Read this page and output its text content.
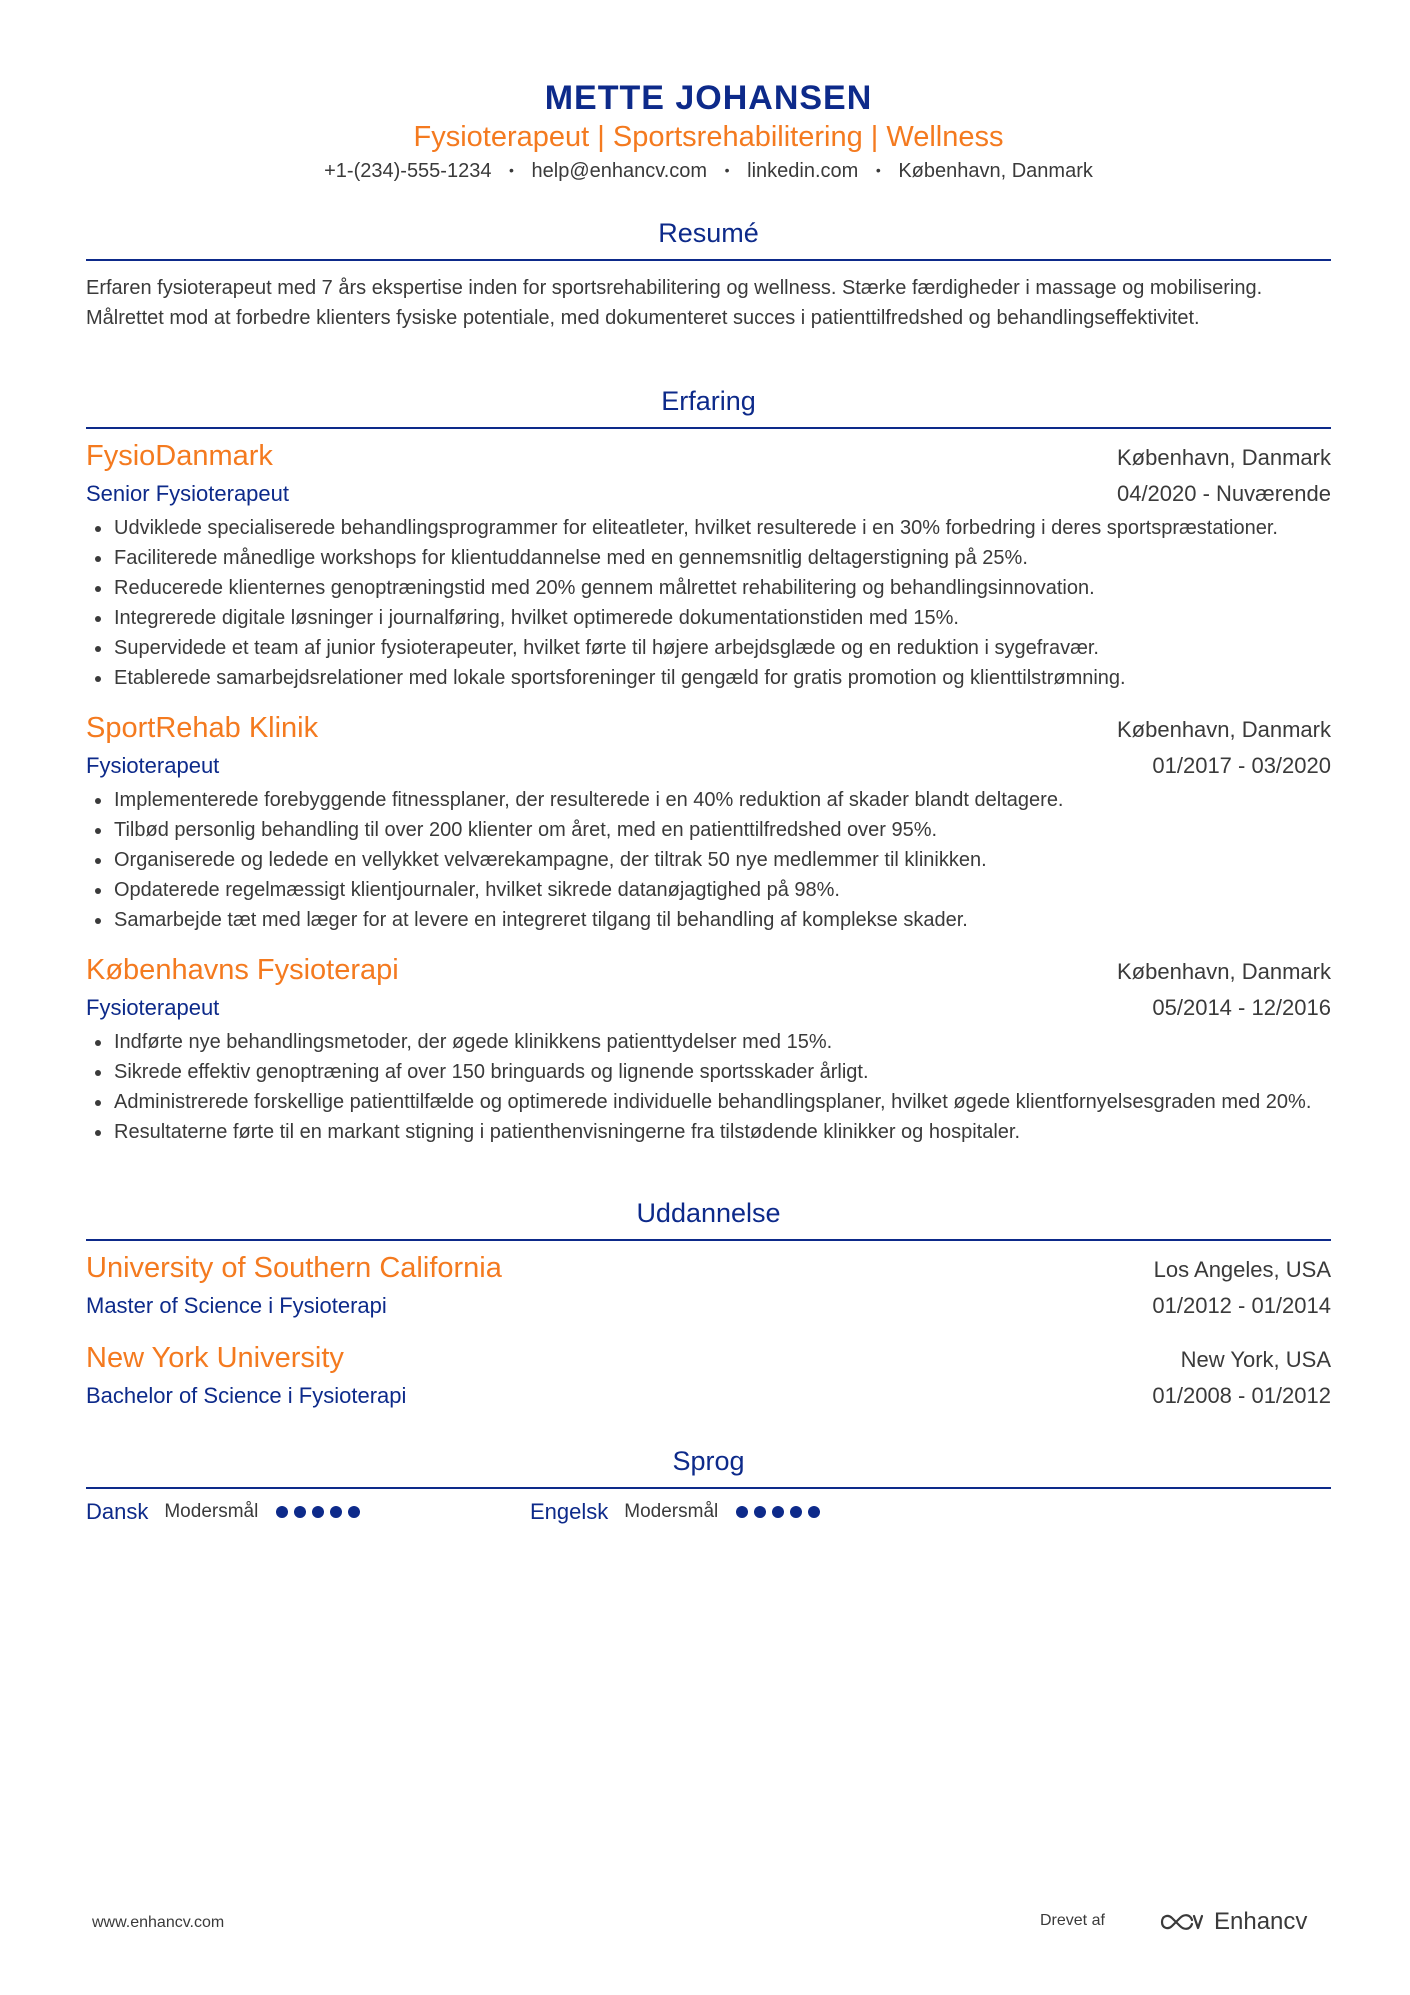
METTE JOHANSEN
Fysioterapeut | Sportsrehabilitering | Wellness
+1-(234)-555-1234 • help@enhancv.com • linkedin.com • København, Danmark
Resumé
Erfaren fysioterapeut med 7 års ekspertise inden for sportsrehabilitering og wellness. Stærke færdigheder i massage og mobilisering. Målrettet mod at forbedre klienters fysiske potentiale, med dokumenteret succes i patienttilfredshed og behandlingseffektivitet.
Erfaring
FysioDanmark	København, Danmark
Senior Fysioterapeut	04/2020 - Nuværende
Udviklede specialiserede behandlingsprogrammer for eliteatleter, hvilket resulterede i en 30% forbedring i deres sportspræstationer.
Faciliterede månedlige workshops for klientuddannelse med en gennemsnitlig deltagerstigning på 25%.
Reducerede klienternes genoptræningstid med 20% gennem målrettet rehabilitering og behandlingsinnovation.
Integrerede digitale løsninger i journalføring, hvilket optimerede dokumentationstiden med 15%.
Supervidede et team af junior fysioterapeuter, hvilket førte til højere arbejdsglæde og en reduktion i sygefravær.
Etablerede samarbejdsrelationer med lokale sportsforeninger til gengæld for gratis promotion og klienttilstrømning.
SportRehab Klinik	København, Danmark
Fysioterapeut	01/2017 - 03/2020
Implementerede forebyggende fitnessplaner, der resulterede i en 40% reduktion af skader blandt deltagere.
Tilbød personlig behandling til over 200 klienter om året, med en patienttilfredshed over 95%.
Organiserede og ledede en vellykket velværekampagne, der tiltrak 50 nye medlemmer til klinikken.
Opdaterede regelmæssigt klientjournaler, hvilket sikrede datanøjagtighed på 98%.
Samarbejde tæt med læger for at levere en integreret tilgang til behandling af komplekse skader.
Københavns Fysioterapi	København, Danmark
Fysioterapeut	05/2014 - 12/2016
Indførte nye behandlingsmetoder, der øgede klinikkens patienttydelser med 15%.
Sikrede effektiv genoptræning af over 150 bringuards og lignende sportsskader årligt.
Administrerede forskellige patienttilfælde og optimerede individuelle behandlingsplaner, hvilket øgede klientfornyelsesgraden med 20%.
Resultaterne førte til en markant stigning i patienthenvisningerne fra tilstødende klinikker og hospitaler.
Uddannelse
University of Southern California	Los Angeles, USA
Master of Science i Fysioterapi	01/2012 - 01/2014
New York University	New York, USA
Bachelor of Science i Fysioterapi	01/2008 - 01/2012
Sprog
Dansk Modersmål	Engelsk Modersmål
www.enhancv.com	Drevet af	Enhancv
